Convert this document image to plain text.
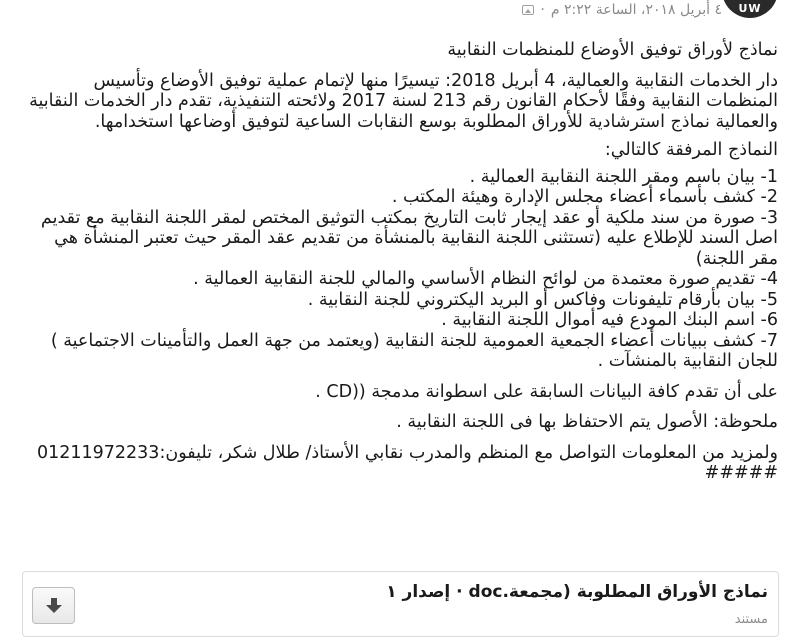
UW
٤ أبريل ٢٠١٨، الساعة ٢:٢٢ م
·

نماذج لأوراق توفيق الأوضاع للمنظمات النقابية

دار الخدمات النقابية والعمالية، 4 أبريل 2018: تيسيرًا منها لإتمام عملية توفيق الأوضاع وتأسيس المنظمات النقابية وفقًا لأحكام القانون رقم 213 لسنة 2017 ولائحته التنفيذية، تقدم دار الخدمات النقابية والعمالية نماذج استرشادية للأوراق المطلوبة بوسع النقابات الساعية لتوفيق أوضاعها استخدامها.

النماذج المرفقة كالتالي:

1- بيان باسم ومقر اللجنة النقابية العمالية .
2- كشف بأسماء أعضاء مجلس الإدارة وهيئة المكتب .
3- صورة من سند ملكية أو عقد إيجار ثابت التاريخ بمكتب التوثيق المختص لمقر اللجنة النقابية مع تقديم اصل السند للإطلاع عليه (تستثنى اللجنة النقابية بالمنشأة من تقديم عقد المقر حيث تعتبر المنشأة هي مقر اللجنة)
4- تقديم صورة معتمدة من لوائح النظام الأساسي والمالي للجنة النقابية العمالية .
5- بيان بأرقام تليفونات وفاكس أو البريد اليكتروني للجنة النقابية .
6- اسم البنك المودع فيه أموال اللجنة النقابية .
7- كشف ببيانات أعضاء الجمعية العمومية للجنة النقابية (ويعتمد من جهة العمل والتأمينات الاجتماعية ) للجان النقابية بالمنشآت .

على أن تقدم كافة البيانات السابقة على اسطوانة مدمجة ((CD .

ملحوظة: الأصول يتم الاحتفاظ بها فى اللجنة النقابية .

ولمزيد من المعلومات التواصل مع المنظم والمدرب نقابي الأستاذ/ طلال شكر، تليفون:01211972233

#####

نماذج الأوراق المطلوبة (مجمعة.doc · إصدار ١
مستند
